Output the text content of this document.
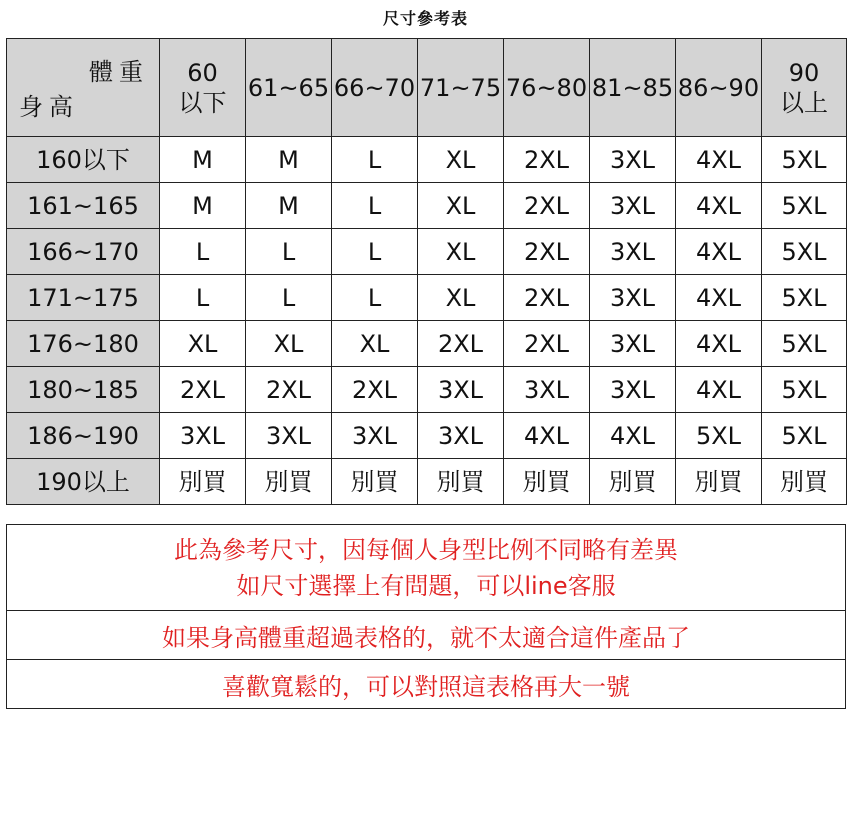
尺寸參考表
體重
身高	60
以下	61~65	66~70	71~75	76~80	81~85	86~90	90
以上

160以下	M	M	L	XL	2XL	3XL	4XL	5XL
161~165	M	M	L	XL	2XL	3XL	4XL	5XL
166~170	L	L	L	XL	2XL	3XL	4XL	5XL
171~175	L	L	L	XL	2XL	3XL	4XL	5XL
176~180	XL	XL	XL	2XL	2XL	3XL	4XL	5XL
180~185	2XL	2XL	2XL	3XL	3XL	3XL	4XL	5XL
186~190	3XL	3XL	3XL	3XL	4XL	4XL	5XL	5XL
190以上	別買	別買	別買	別買	別買	別買	別買	別買
此為參考尺寸，因每個人身型比例不同略有差異
如尺寸選擇上有問題，可以line客服

如果身高體重超過表格的，就不太適合這件產品了
喜歡寬鬆的，可以對照這表格再大一號
